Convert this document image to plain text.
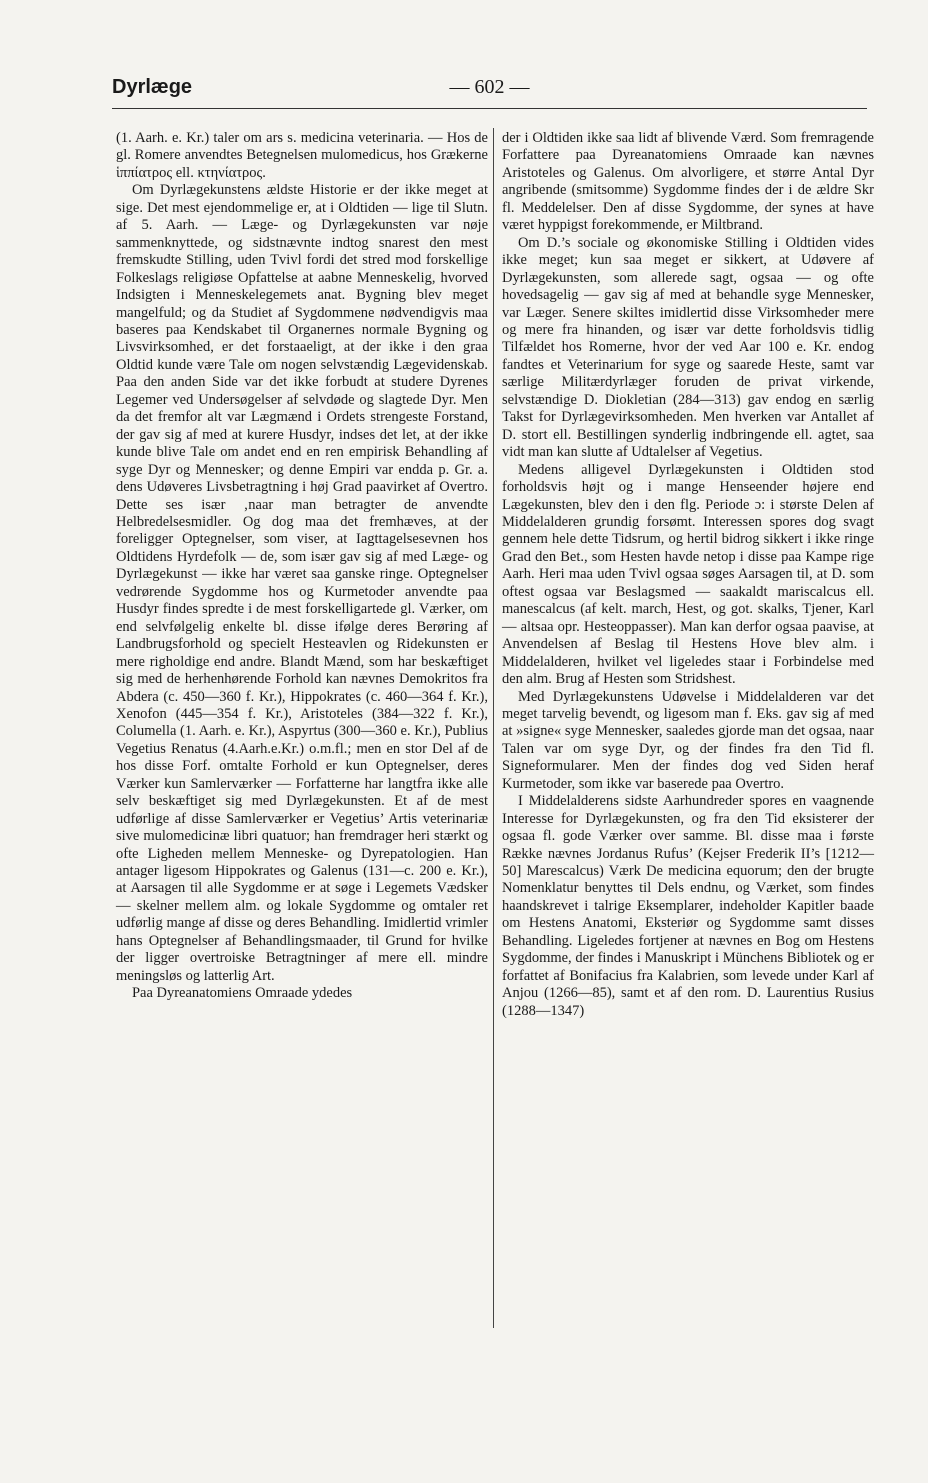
Dyrlæge	— 602 —

(1. Aarh. e. Kr.) taler om ars s. medicina veterinaria. — Hos de gl. Romere anvendtes Betegnelsen mulomedicus, hos Grækerne ἱππίατρος ell. κτηνίατρος.

Om Dyrlægekunstens ældste Historie er der ikke meget at sige. Det mest ejendommelige er, at i Oldtiden — lige til Slutn. af 5. Aarh. — Læge- og Dyrlægekunsten var nøje sammenknyttede, og sidstnævnte indtog snarest den mest fremskudte Stilling, uden Tvivl fordi det stred mod forskellige Folkeslags religiøse Opfattelse at aabne Menneskelig, hvorved Indsigten i Menneskelegemets anat. Bygning blev meget mangelfuld; og da Studiet af Sygdommene nødvendigvis maa baseres paa Kendskabet til Organernes normale Bygning og Livsvirksomhed, er det forstaaeligt, at der ikke i den graa Oldtid kunde være Tale om nogen selvstændig Lægevidenskab. Paa den anden Side var det ikke forbudt at studere Dyrenes Legemer ved Undersøgelser af selvdøde og slagtede Dyr. Men da det fremfor alt var Lægmænd i Ordets strengeste Forstand, der gav sig af med at kurere Husdyr, indses det let, at der ikke kunde blive Tale om andet end en ren empirisk Behandling af syge Dyr og Mennesker; og denne Empiri var endda p. Gr. a. dens Udøveres Livsbetragtning i høj Grad paavirket af Overtro. Dette ses især ‚naar man betragter de anvendte Helbredelsesmidler. Og dog maa det fremhæves, at der foreligger Optegnelser, som viser, at Iagttagelsesevnen hos Oldtidens Hyrdefolk — de, som især gav sig af med Læge- og Dyrlægekunst — ikke har været saa ganske ringe. Optegnelser vedrørende Sygdomme hos og Kurmetoder anvendte paa Husdyr findes spredte i de mest forskelligartede gl. Værker, om end selvfølgelig enkelte bl. disse ifølge deres Berøring af Landbrugsforhold og specielt Hesteavlen og Ridekunsten er mere righoldige end andre. Blandt Mænd, som har beskæftiget sig med de herhenhørende Forhold kan nævnes Demokritos fra Abdera (c. 450—360 f. Kr.), Hippokrates (c. 460—364 f. Kr.), Xenofon (445—354 f. Kr.), Aristoteles (384—322 f. Kr.), Columella (1. Aarh. e. Kr.), Aspyrtus (300—360 e. Kr.), Publius Vegetius Renatus (4.Aarh.e.Kr.) o.m.fl.; men en stor Del af de hos disse Forf. omtalte Forhold er kun Optegnelser, deres Værker kun Samlerværker — Forfatterne har langtfra ikke alle selv beskæftiget sig med Dyrlægekunsten. Et af de mest udførlige af disse Samlerværker er Vegetius’ Artis veterinariæ sive mulomedicinæ libri quatuor; han fremdrager heri stærkt og ofte Ligheden mellem Menneske- og Dyrepatologien. Han antager ligesom Hippokrates og Galenus (131—c. 200 e. Kr.), at Aarsagen til alle Sygdomme er at søge i Legemets Vædsker — skelner mellem alm. og lokale Sygdomme og omtaler ret udførlig mange af disse og deres Behandling. Imidlertid vrimler hans Optegnelser af Behandlingsmaader, til Grund for hvilke der ligger overtroiske Betragtninger af mere ell. mindre meningsløs og latterlig Art.

Paa Dyreanatomiens Omraade ydedes

der i Oldtiden ikke saa lidt af blivende Værd. Som fremragende Forfattere paa Dyreanatomiens Omraade kan nævnes Aristoteles og Galenus. Om alvorligere, et større Antal Dyr angribende (smitsomme) Sygdomme findes der i de ældre Skr fl. Meddelelser. Den af disse Sygdomme, der synes at have været hyppigst forekommende, er Miltbrand.

Om D.’s sociale og økonomiske Stilling i Oldtiden vides ikke meget; kun saa meget er sikkert, at Udøvere af Dyrlægekunsten, som allerede sagt, ogsaa — og ofte hovedsagelig — gav sig af med at behandle syge Mennesker, var Læger. Senere skiltes imidlertid disse Virksomheder mere og mere fra hinanden, og især var dette forholdsvis tidlig Tilfældet hos Romerne, hvor der ved Aar 100 e. Kr. endog fandtes et Veterinarium for syge og saarede Heste, samt var særlige Militærdyrlæger foruden de privat virkende, selvstændige D. Diokletian (284—313) gav endog en særlig Takst for Dyrlægevirksomheden. Men hverken var Antallet af D. stort ell. Bestillingen synderlig indbringende ell. agtet, saa vidt man kan slutte af Udtalelser af Vegetius.

Medens alligevel Dyrlægekunsten i Oldtiden stod forholdsvis højt og i mange Henseender højere end Lægekunsten, blev den i den flg. Periode ɔ: i største Delen af Middelalderen grundig forsømt. Interessen spores dog svagt gennem hele dette Tidsrum, og hertil bidrog sikkert i ikke ringe Grad den Bet., som Hesten havde netop i disse paa Kampe rige Aarh. Heri maa uden Tvivl ogsaa søges Aarsagen til, at D. som oftest ogsaa var Beslagsmed — saakaldt mariscalcus ell. manescalcus (af kelt. march, Hest, og got. skalks, Tjener, Karl — altsaa opr. Hesteoppasser). Man kan derfor ogsaa paavise, at Anvendelsen af Beslag til Hestens Hove blev alm. i Middelalderen, hvilket vel ligeledes staar i Forbindelse med den alm. Brug af Hesten som Stridshest.

Med Dyrlægekunstens Udøvelse i Middelalderen var det meget tarvelig bevendt, og ligesom man f. Eks. gav sig af med at »signe« syge Mennesker, saaledes gjorde man det ogsaa, naar Talen var om syge Dyr, og der findes fra den Tid fl. Signeformularer. Men der findes dog ved Siden heraf Kurmetoder, som ikke var baserede paa Overtro.

I Middelalderens sidste Aarhundreder spores en vaagnende Interesse for Dyrlægekunsten, og fra den Tid eksisterer der ogsaa fl. gode Værker over samme. Bl. disse maa i første Række nævnes Jordanus Rufus’ (Kejser Frederik II’s [1212—50] Marescalcus) Værk De medicina equorum; den der brugte Nomenklatur benyttes til Dels endnu, og Værket, som findes haandskrevet i talrige Eksemplarer, indeholder Kapitler baade om Hestens Anatomi, Eksteriør og Sygdomme samt disses Behandling. Ligeledes fortjener at nævnes en Bog om Hestens Sygdomme, der findes i Manuskript i Münchens Bibliotek og er forfattet af Bonifacius fra Kalabrien, som levede under Karl af Anjou (1266—85), samt et af den rom. D. Laurentius Rusius (1288—1347)
